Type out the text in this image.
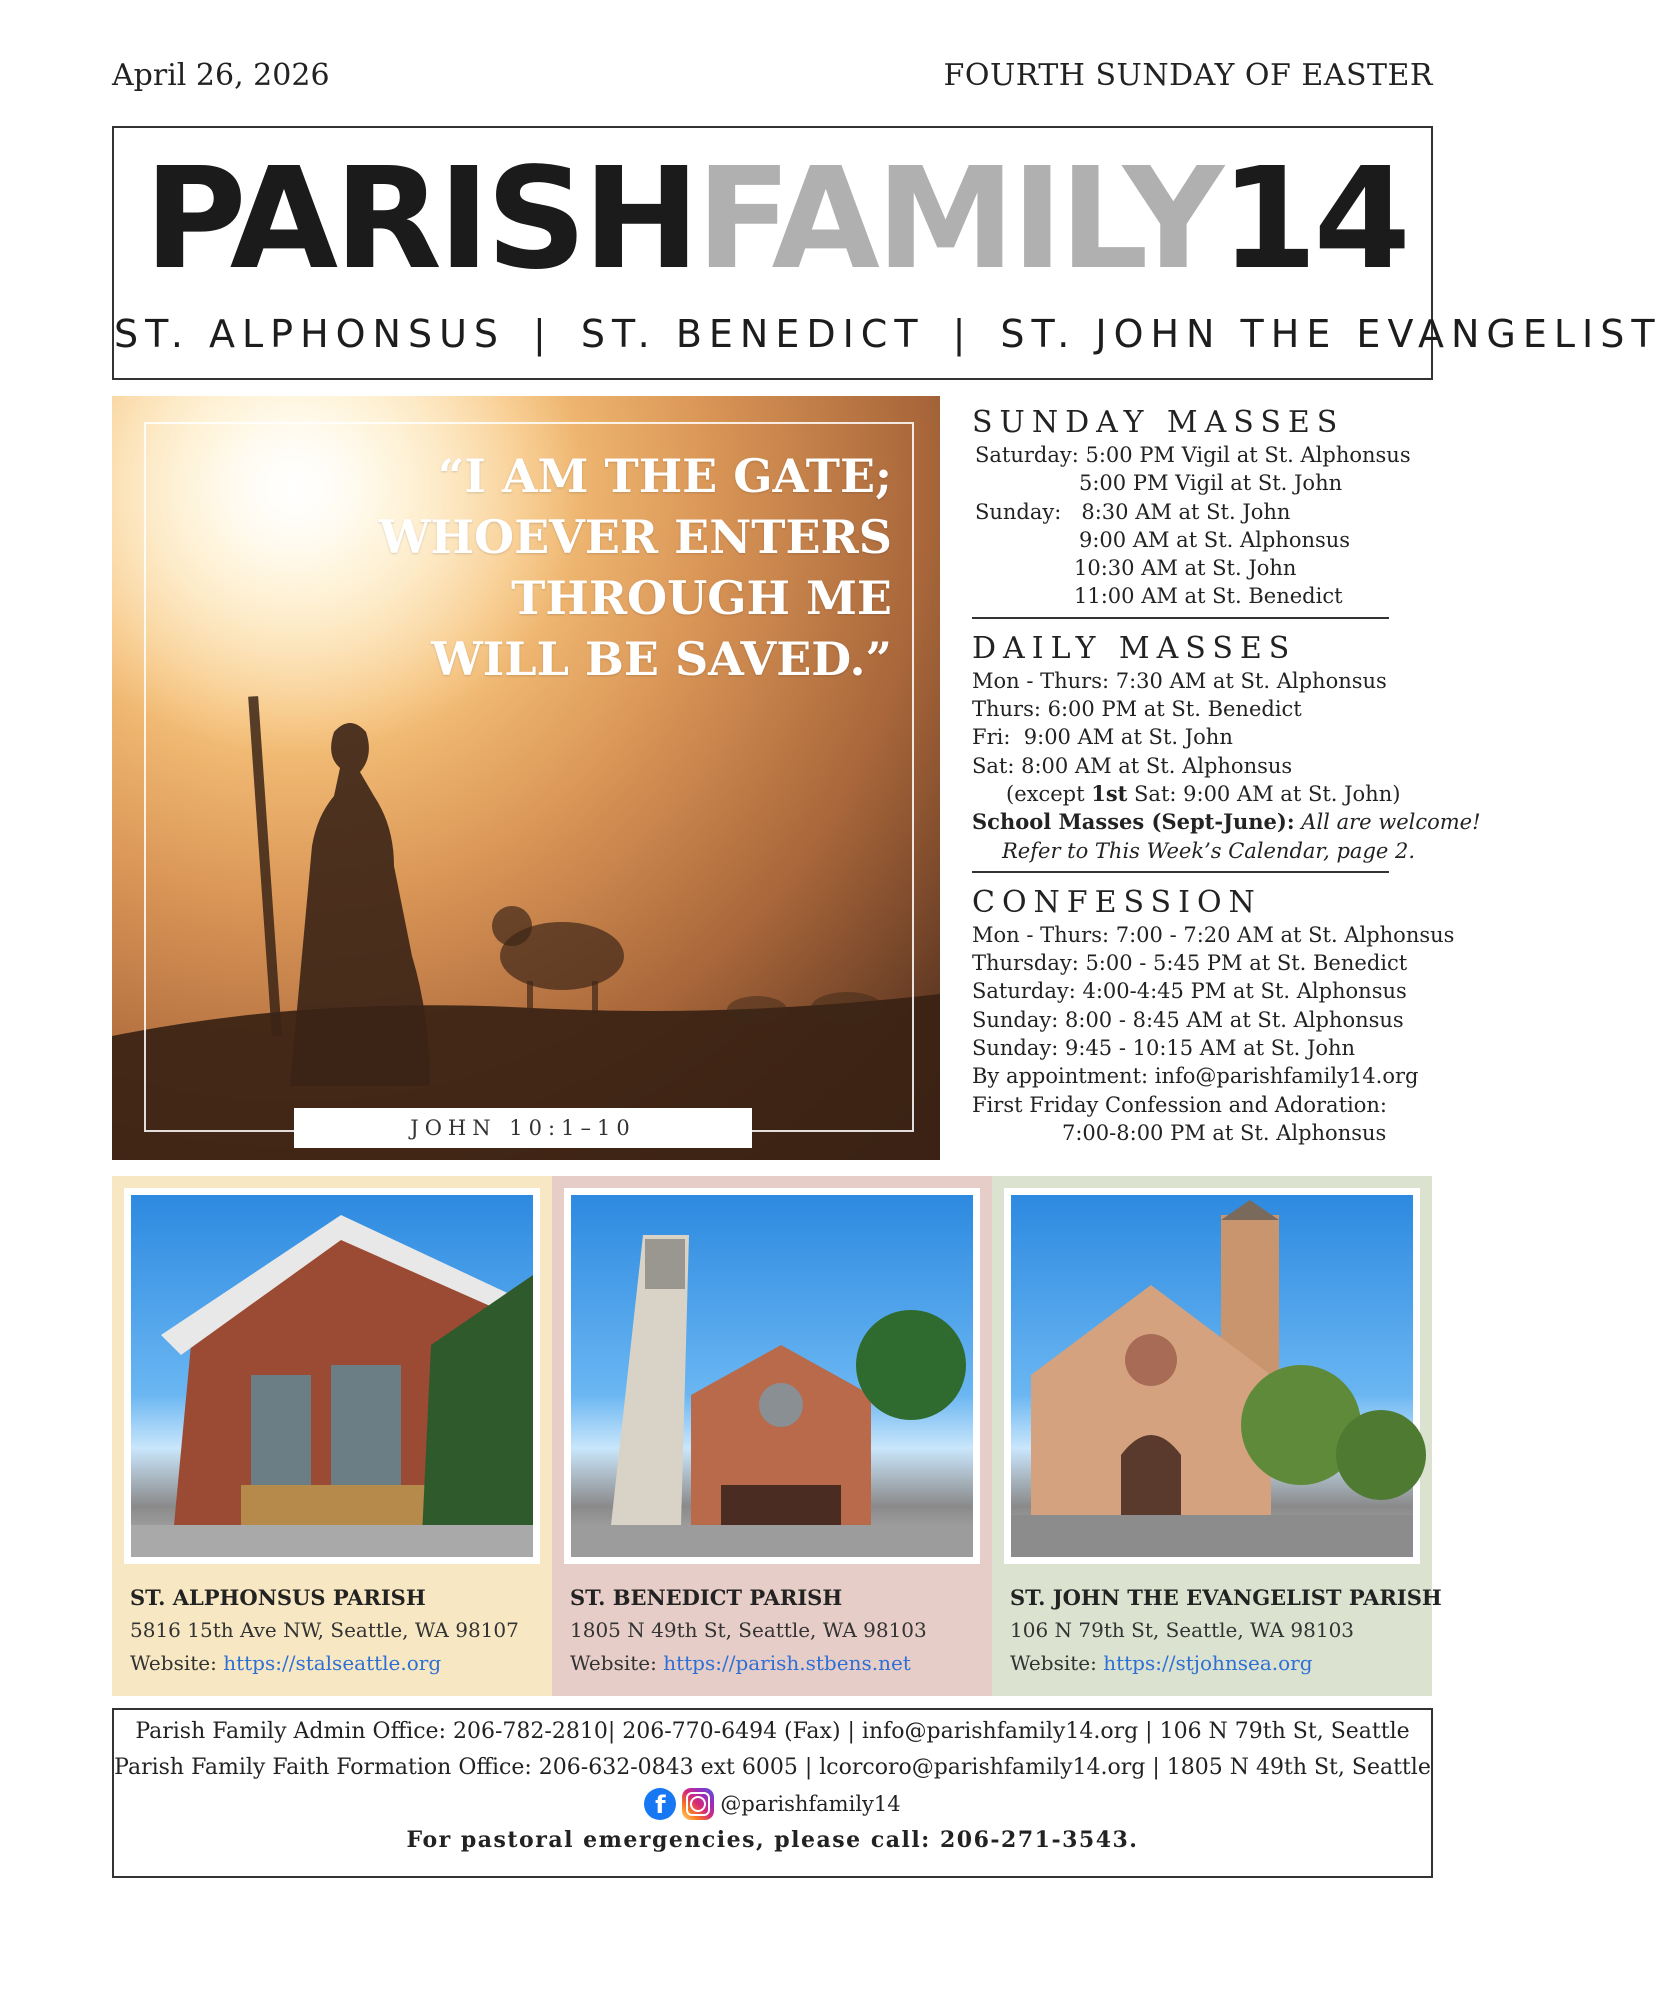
April 26, 2026	FOURTH SUNDAY OF EASTER
PARISHFAMILY14
ST. ALPHONSUS | ST. BENEDICT | ST. JOHN THE EVANGELIST
“I AM THE GATE;
WHOEVER ENTERS
THROUGH ME
WILL BE SAVED.”
JOHN 10:1–10
SUNDAY MASSES
Saturday: 5:00 PM Vigil at St. Alphonsus
5:00 PM Vigil at St. John
Sunday:   8:30 AM at St. John
9:00 AM at St. Alphonsus
10:30 AM at St. John
11:00 AM at St. Benedict
DAILY MASSES
Mon - Thurs: 7:30 AM at St. Alphonsus
Thurs: 6:00 PM at St. Benedict
Fri:  9:00 AM at St. John
Sat: 8:00 AM at St. Alphonsus
(except 1st Sat: 9:00 AM at St. John)
School Masses (Sept-June): All are welcome!
Refer to This Week’s Calendar, page 2.
CONFESSION
Mon - Thurs: 7:00 - 7:20 AM at St. Alphonsus
Thursday: 5:00 - 5:45 PM at St. Benedict
Saturday: 4:00-4:45 PM at St. Alphonsus
Sunday: 8:00 - 8:45 AM at St. Alphonsus
Sunday: 9:45 - 10:15 AM at St. John
By appointment: info@parishfamily14.org
First Friday Confession and Adoration:
7:00-8:00 PM at St. Alphonsus
ST. ALPHONSUS PARISH
5816 15th Ave NW, Seattle, WA 98107
Website: https://stalseattle.org
ST. BENEDICT PARISH
1805 N 49th St, Seattle, WA 98103
Website: https://parish.stbens.net
ST. JOHN THE EVANGELIST PARISH
106 N 79th St, Seattle, WA 98103
Website: https://stjohnsea.org
Parish Family Admin Office: 206-782-2810| 206-770-6494 (Fax) | info@parishfamily14.org | 106 N 79th St, Seattle
Parish Family Faith Formation Office: 206-632-0843 ext 6005 | lcorcoro@parishfamily14.org | 1805 N 49th St, Seattle
f	@parishfamily14
For pastoral emergencies, please call: 206-271-3543.
